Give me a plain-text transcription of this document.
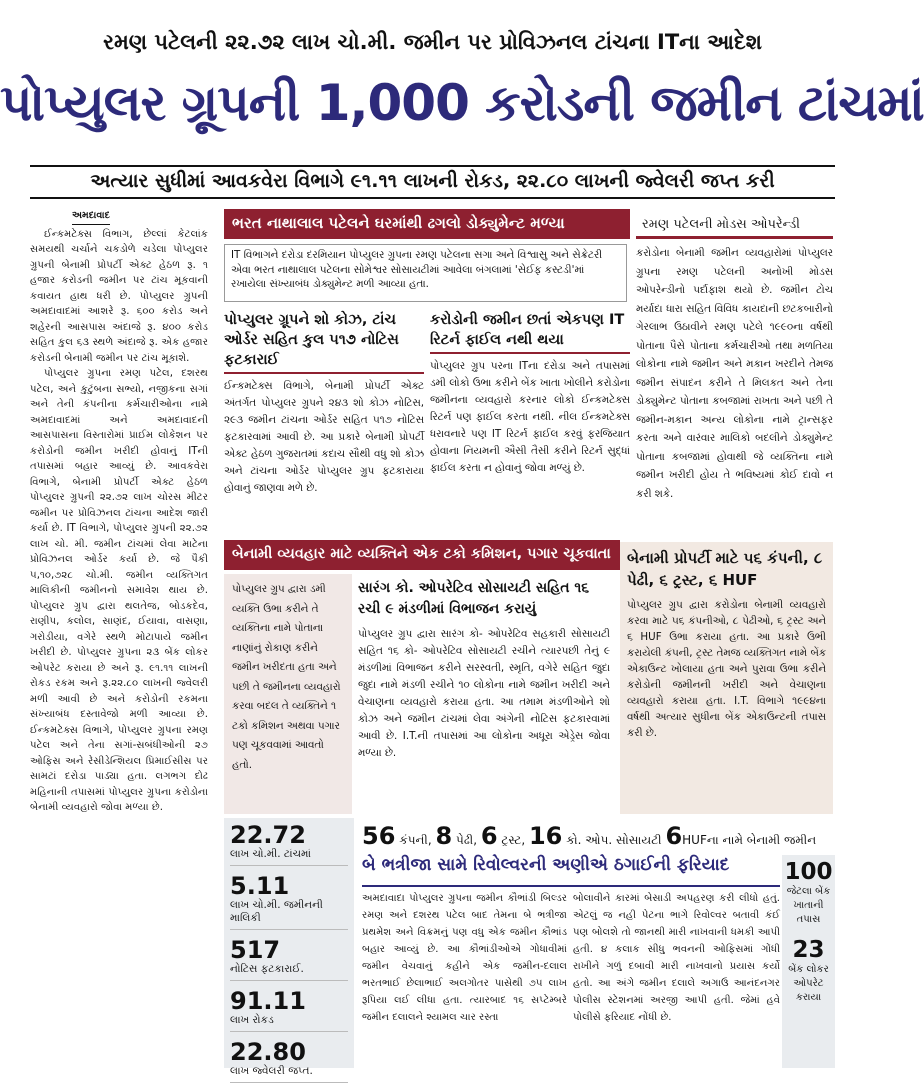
રમણ પટેલની ૨૨.૭૨ લાખ ચો.મી. જમીન પર પ્રોવિઝનલ ટાંચના ITના આદેશ
પોપ્યુલર ગ્રૂપની 1,000 કરોડની જમીન ટાંચમાં
અત્યાર સુધીમાં આવકવેરા વિભાગે ૯૧.૧૧ લાખની રોકડ, ૨૨.૮૦ લાખની જ્વેલરી જપ્ત કરી
અમદાવાદ

ઈન્કમટેક્સ વિભાગ, છેલ્લાં કેટલાંક સમયથી ચર્ચાને ચકડોળે ચડેલા પોપ્યુલર ગ્રુપની બેનામી પ્રોપર્ટી એક્ટ હેઠળ રૂ. ૧ હજાર કરોડની જમીન પર ટાંચ મૂકવાની કવાયત હાથ ધરી છે. પોપ્યુલર ગ્રુપની અમદાવાદમાં આશરે રૂ. ૬૦૦ કરોડ અને શહેરની આસપાસ અંદાજે રૂ. ૪૦૦ કરોડ સહિત કુલ ૬૩ સ્થળે અંદાજે રૂ. એક હજાર કરોડની બેનામી જમીન પર ટાંચ મૂકાશે.

પોપ્યુલર ગ્રુપના રમણ પટેલ, દશરથ પટેલ, અને કુટુંબના સભ્યો, નજીકના સગાં અને તેની કંપનીના કર્મચારીઓના નામે અમદાવાદમાં અને અમદાવાદની આસપાસના વિસ્તારોમાં પ્રાઈમ લોકેશન પર કરોડોની જમીન ખરીદી હોવાનું ITની તપાસમાં બહાર આવ્યું છે. આવકવેરા વિભાગે, બેનામી પ્રોપર્ટી એક્ટ હેઠળ પોપ્યુલર ગ્રુપની ૨૨.૭૨ લાખ ચોરસ મીટર જમીન પર પ્રોવિઝનલ ટાંચના આદેશ જારી કર્યા છે. IT વિભાગે, પોપ્યુલર ગ્રુપની ૨૨.૭૨ લાખ ચો. મી. જમીન ટાંચમાં લેવા માટેના પ્રોવિઝનલ ઓર્ડર કર્યા છે. જે પૈકી ૫,૧૦,૭૨૮ ચો.મી. જમીન વ્યક્તિગત માલિકીની જમીનનો સમાવેશ થાય છે. પોપ્યુલર ગ્રુપ દ્વારા થલતેજ, બોડકદેવ, રાણીપ, કલોલ, સાણંદ, ઈયાવા, વાસણા, ગરોડીયા, વગેરે સ્થળે મોટાપાયે જમીન ખરીદી છે. પોપ્યુલર ગ્રુપના ૨૩ બેંક લોકર ઓપરેટ કરાયા છે અને રૂ. ૯૧.૧૧ લાખની રોકડ રકમ અને રૂ.૨૨.૮૦ લાખની જ્વેલરી મળી આવી છે અને કરોડોની રકમના સંખ્યાબંધ દસ્તાવેજો મળી આવ્યા છે. ઈન્કમટેક્સ વિભાગે, પોપ્યુલર ગ્રુપના રમણ પટેલ અને તેના સગાં-સબંધીઓની ૨૭ ઓફિસ અને રેસીડેન્શિયલ પ્રિમાઈસીસ પર સામટાં દરોડા પાડ્યા હતા. લગભગ દોઢ મહિનાની તપાસમાં પોપ્યુલર ગ્રુપના કરોડોના બેનામી વ્યવહારો જોવા મળ્યા છે.

ભરત નાથાલાલ પટેલને ઘરમાંથી ઢગલો ડોક્યુમેન્ટ મળ્યા	રમણ પટેલની મોડસ ઓપરેન્ડી
IT વિભાગને દરોડા દરમિયાન પોપ્યુલર ગ્રુપના રમણ પટેલના સગા અને વિશ્વાસુ અને સેક્રેટરી એવા ભરત નાથાલાલ પટેલના સોમેશ્વર સોસાયટીમાં આવેલા બંગલામાં 'સેઈફ કસ્ટડી'માં રખાયેલા સંખ્યાબંધ ડોક્યુમેન્ટ મળી આવ્યા હતા.
પોપ્યુલર ગ્રૂપને શો કોઝ, ટાંચ ઓર્ડર સહિત કુલ ૫૧૭ નોટિસ ફટકારાઈ
ઈન્કમટેક્સ વિભાગે, બેનામી પ્રોપર્ટી એક્ટ અંતર્ગત પોપ્યુલર ગ્રુપને ૨૪૩ શો કોઝ નોટિસ, ૨૯૩ જમીન ટાંચના ઓર્ડર સહિત ૫૧૭ નોટિસ ફટકારવામાં આવી છે. આ પ્રકારે બેનામી પ્રોપર્ટી એક્ટ હેઠળ ગુજરાતમાં કદાચ સૌથી વધુ શો કોઝ અને ટાંચના ઓર્ડર પોપ્યુલર ગ્રુપ ફટકારાયા હોવાનું જાણવા મળે છે.
કરોડોની જમીન છતાં એકપણ IT રિટર્ન ફાઈલ નથી થયા
પોપ્યુલર ગ્રુપ પરના ITના દરોડા અને તપાસમાં ડમી લોકો ઉભા કરીને બેંક ખાતા ખોલીને કરોડોના જમીનના વ્યવહારો કરનાર લોકો ઈન્કમટેક્સ રિટર્ન પણ ફાઈલ કરતા નથી. નીલ ઈન્કમટેક્સ ધરાવનારે પણ IT રિટર્ન ફાઈલ કરવું ફરજિયાત હોવાના નિયમની ઐસી તૈસી કરીને રિટર્ન સુદ્ધાં ફાઈલ કરતા ન હોવાનું જોવા મળ્યું છે.
કરોડોના બેનામી જમીન વ્યવહારોમાં પોપ્યુલર ગ્રુપના રમણ પટેલની અનોખી મોડસ ઓપરેન્ડીનો પર્દાફાશ થયો છે. જમીન ટોચ મર્યાદા ધારા સહિત વિવિધ કાયદાની છટકબારીનો ગેરલાભ ઉઠાવીને રમણ પટેલે ૧૯૯૦ના વર્ષથી પોતાના પૈસે પોતાના કર્મચારીઓ તથા મળતિયા લોકોના નામે જમીન અને મકાન ખરદીને તેમજ જમીન સંપાદન કરીને તે મિલકત અને તેના ડોક્યુમેન્ટ પોતાના કબજામાં રાખતા અને પછી તે જમીન-મકાન અન્ય લોકોના નામે ટ્રાન્સફર કરતા અને વારંવાર માલિકો બદલીને ડોક્યુમેન્ટ પોતાના કબજામાં હોવાથી જે વ્યક્તિના નામે જમીન ખરીદી હોય તે ભવિષ્યમાં કોઈ દાવો ન કરી શકે.
બેનામી વ્યવહાર માટે વ્યક્તિને એક ટકો કમિશન, પગાર ચૂકવાતા	બેનામી પ્રોપર્ટી માટે ૫૬ કંપની, ૮ પેઢી, ૬ ટ્રસ્ટ, ૬ HUF
પોપ્યુલર ગ્રુપ દ્વારા કરોડોના બેનામી વ્યવહારો કરવા માટે ૫૬ કંપનીઓ, ૮ પેઢીઓ, ૬ ટ્રસ્ટ અને ૬ HUF ઉભા કરાયા હતા. આ પ્રકારે ઉભી કરાયેલી કંપની, ટ્રસ્ટ તેમજ વ્યક્તિગત નામે બેંક એકાઉન્ટ ખોલાયા હતા અને પુરાવા ઉભા કરીને કરોડોની જમીનની ખરીદી અને વેચાણના વ્યવહારો કરાયા હતા. I.T. વિભાગે ૧૯૯૪ના વર્ષથી અત્યાર સુધીના બેંક એકાઉન્ટની તપાસ કરી છે.
પોપ્યુલર ગ્રુપ દ્વારા ડમી વ્યક્તિ ઉભા કરીને તે વ્યક્તિના નામે પોતાના નાણાંનું રોકાણ કરીને જમીન ખરીદતા હતા અને પછી તે જમીનના વ્યવહારો કરવા બદલ તે વ્યક્તિને ૧ ટકો કમિશન અથવા પગાર પણ ચૂકવવામાં આવતો હતો.
સારંગ કો. ઓપરેટિવ સોસાયટી સહિત ૧૬ રચી ૯ મંડળીમાં વિભાજન કરાયું
પોપ્યુલર ગ્રુપ દ્વારા સારંગ કો- ઓપરેટિવ સહકારી સોસાયટી સહિત ૧૬ કો- ઓપરેટિવ સોસાયટી રચીને ત્યારપછી તેનું ૯ મંડળીમાં વિભાજન કરીને સરસ્વતી, સ્મૃતિ, વગેરે સહિત જુદા જુદા નામે મંડળી રચીને ૧૦ લોકોના નામે જમીન ખરીદી અને વેચાણના વ્યવહારો કરાયા હતા. આ તમામ મંડળીઓને શો કોઝ અને જમીન ટાંચમાં લેવા અંગેની નોટિસ ફટકારવામાં આવી છે. I.T.ની તપાસમાં આ લોકોના અધૂરા એડ્રેસ જોવા મળ્યા છે.
22.72
લાખ ચો.મી. ટાંચમાં
5.11
લાખ ચો.મી. જમીનની માલિકી
517
નોટિસ ફટકારાઈ.
91.11
લાખ રોકડ
22.80
લાખ જ્વેલરી જપ્ત.
56 કંપની, 8 પેઢી, 6 ટ્રસ્ટ, 16 કો. ઓપ. સોસાયટી 6HUFના નામે બેનામી જમીન
બે ભત્રીજા સામે રિવોલ્વરની અણીએ ઠગાઈની ફરિયાદ
અમદાવાદ। પોપ્યુલર ગ્રુપના જમીન કૌભાંડી બિલ્ડર રમણ અને દશરથ પટેલ બાદ તેમના બે ભત્રીજા પ્રથમેશ અને વિક્રમનું પણ વધુ એક જમીન કૌભાંડ બહાર આવ્યું છે. આ કૌભાંડીઓએ ગોધાવીમાં જમીન વેચવાનું કહીને એક જમીન-દલાલ ભરતભાઈ છેલાભાઈ અલગોતર પાસેથી ૭૫ લાખ રૂપિયા લઈ લીધા હતા. ત્યારબાદ ૧૬ સપ્ટેમ્બરે જમીન દલાલને શ્યામલ ચાર રસ્તા
બોલાવીને કારમાં બેસાડી અપહરણ કરી લીધો હતું. એટલું જ નહી પેટના ભાગે રિવોલ્વર બતાવી કંઈ પણ બોલશે તો જાનથી મારી નાખવાની ધમકી આપી હતી. ૪ કલાક સીધુ ભવનની ઓફિસમાં ગોંધી રાખીને ગળું દબાવી મારી નાખવાનો પ્રયાસ કર્યો હતો. આ અંગે જમીન દલાલે અગાઉ આનંદનગર પોલીસ સ્ટેશનમાં અરજી આપી હતી. જેમાં હવે પોલીસે ફરિયાદ નોંધી છે.
100
જેટલા બેંક ખાતાની તપાસ
23
બેંક લોકર ઓપરેટ કરાયા
